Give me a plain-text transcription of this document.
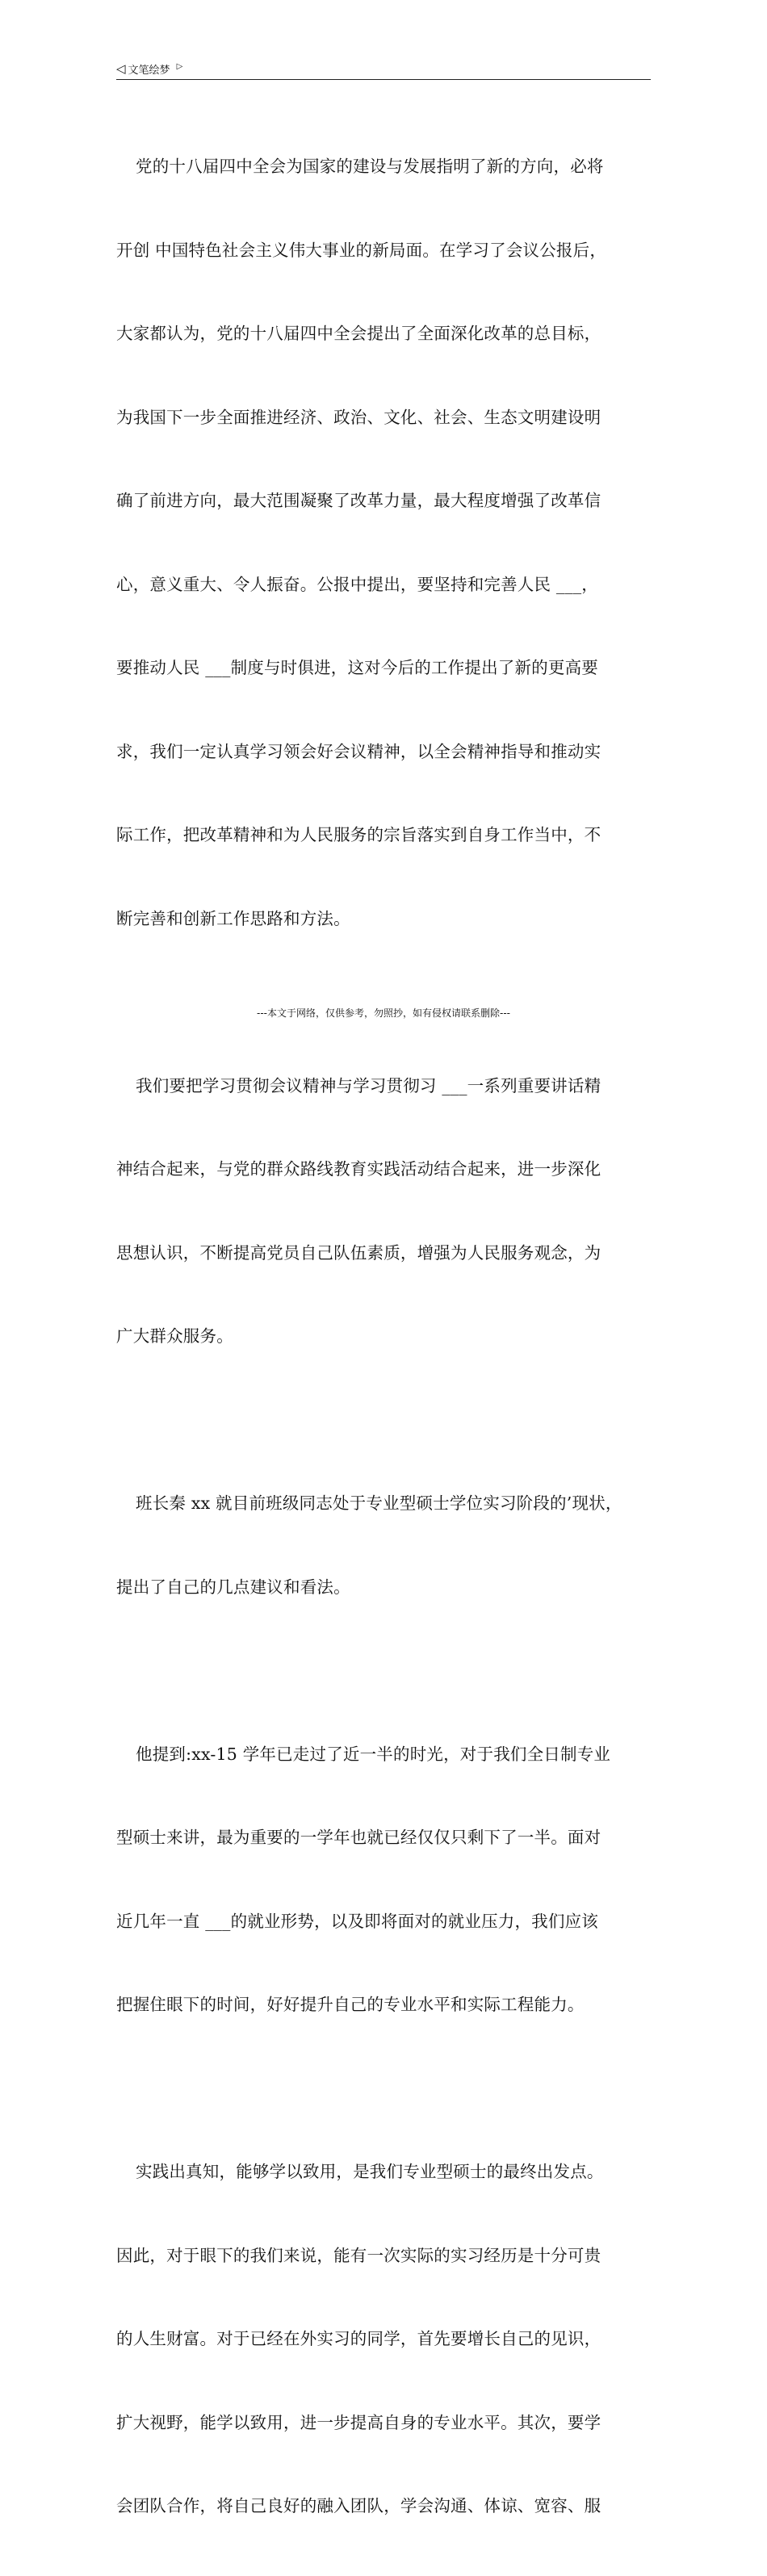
◁ 文笔绘梦 ▷

党的十八届四中全会为国家的建设与发展指明了新的方向，必将

开创 中国特色社会主义伟大事业的新局面。在学习了会议公报后，

大家都认为，党的十八届四中全会提出了全面深化改革的总目标，

为我国下一步全面推进经济、政治、文化、社会、生态文明建设明

确了前进方向，最大范围凝聚了改革力量，最大程度增强了改革信

心，意义重大、令人振奋。公报中提出，要坚持和完善人民 ___，

要推动人民 ___制度与时俱进，这对今后的工作提出了新的更高要

求，我们一定认真学习领会好会议精神，以全会精神指导和推动实

际工作，把改革精神和为人民服务的宗旨落实到自身工作当中，不

断完善和创新工作思路和方法。

我们要把学习贯彻会议精神与学习贯彻习 ___一系列重要讲话精

神结合起来，与党的群众路线教育实践活动结合起来，进一步深化

思想认识，不断提高党员自己队伍素质，增强为人民服务观念，为

广大群众服务。

班长秦 xx 就目前班级同志处于专业型硕士学位实习阶段的’现状，

提出了自己的几点建议和看法。

他提到:xx-15 学年已走过了近一半的时光，对于我们全日制专业

型硕士来讲，最为重要的一学年也就已经仅仅只剩下了一半。面对

近几年一直 ___的就业形势，以及即将面对的就业压力，我们应该

把握住眼下的时间，好好提升自己的专业水平和实际工程能力。

实践出真知，能够学以致用，是我们专业型硕士的最终出发点。

因此，对于眼下的我们来说，能有一次实际的实习经历是十分可贵

的人生财富。对于已经在外实习的同学，首先要增长自己的见识，

扩大视野，能学以致用，进一步提高自身的专业水平。其次，要学

会团队合作，将自己良好的融入团队，学会沟通、体谅、宽容、服

---本文于网络，仅供参考，勿照抄，如有侵权请联系删除---
